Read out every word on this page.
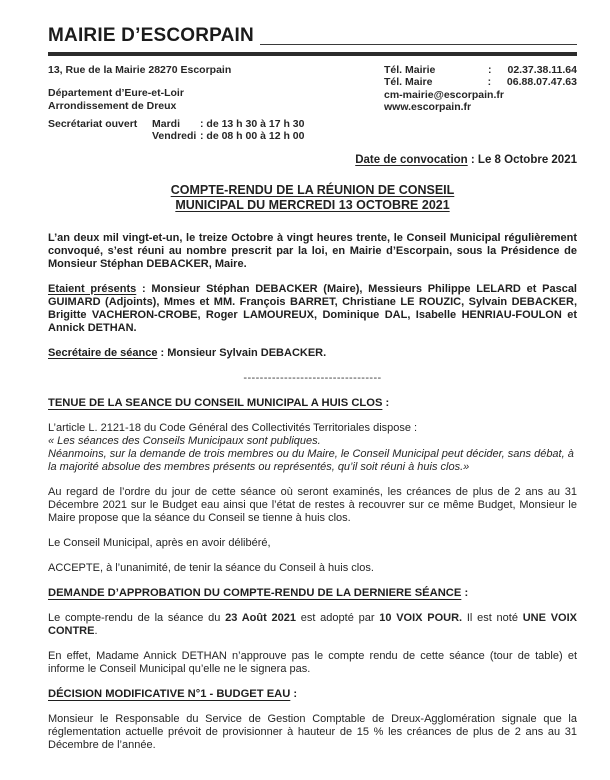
MAIRIE D’ESCORPAIN
13, Rue de la Mairie 28270 Escorpain
Département d’Eure-et-Loir
Arrondissement de Dreux
Tél. Mairie	:	02.37.38.11.64
Tél. Maire	:	06.88.07.47.63
cm-mairie@escorpain.fr
www.escorpain.fr
Secrétariat ouvert	Mardi : de 13 h 30 à 17 h 30
Vendredi : de 08 h 00 à 12 h 00
Date de convocation : Le 8 Octobre 2021
COMPTE-RENDU DE LA RÉUNION DE CONSEIL
MUNICIPAL DU MERCREDI 13 OCTOBRE 2021

L’an deux mil vingt-et-un, le treize Octobre à vingt heures trente, le Conseil Municipal régulièrement convoqué, s’est réuni au nombre prescrit par la loi, en Mairie d’Escorpain, sous la Présidence de Monsieur Stéphan DEBACKER, Maire.

Etaient présents : Monsieur Stéphan DEBACKER (Maire), Messieurs Philippe LELARD et Pascal GUIMARD (Adjoints), Mmes et MM. François BARRET, Christiane LE ROUZIC, Sylvain DEBACKER, Brigitte VACHERON-CROBE, Roger LAMOUREUX, Dominique DAL, Isabelle HENRIAU-FOULON et Annick DETHAN.

Secrétaire de séance : Monsieur Sylvain DEBACKER.

----------------------------------

TENUE DE LA SEANCE DU CONSEIL MUNICIPAL A HUIS CLOS :

L’article L. 2121-18 du Code Général des Collectivités Territoriales dispose :
« Les séances des Conseils Municipaux sont publiques.
Néanmoins, sur la demande de trois membres ou du Maire, le Conseil Municipal peut décider, sans débat, à la majorité absolue des membres présents ou représentés, qu’il soit réuni à huis clos.»

Au regard de l’ordre du jour de cette séance où seront examinés, les créances de plus de 2 ans au 31 Décembre 2021 sur le Budget eau ainsi que l’état de restes à recouvrer sur ce même Budget, Monsieur le Maire propose que la séance du Conseil se tienne à huis clos.

Le Conseil Municipal, après en avoir délibéré,

ACCEPTE, à l’unanimité, de tenir la séance du Conseil à huis clos.

DEMANDE D’APPROBATION DU COMPTE-RENDU DE LA DERNIERE SÉANCE :

Le compte-rendu de la séance du 23 Août 2021 est adopté par 10 VOIX POUR. Il est noté UNE VOIX CONTRE.

En effet, Madame Annick DETHAN n’approuve pas le compte rendu de cette séance (tour de table) et informe le Conseil Municipal qu’elle ne le signera pas.

DÉCISION MODIFICATIVE N°1 - BUDGET EAU :

Monsieur le Responsable du Service de Gestion Comptable de Dreux-Agglomération signale que la réglementation actuelle prévoit de provisionner à hauteur de 15 % les créances de plus de 2 ans au 31 Décembre de l’année.
